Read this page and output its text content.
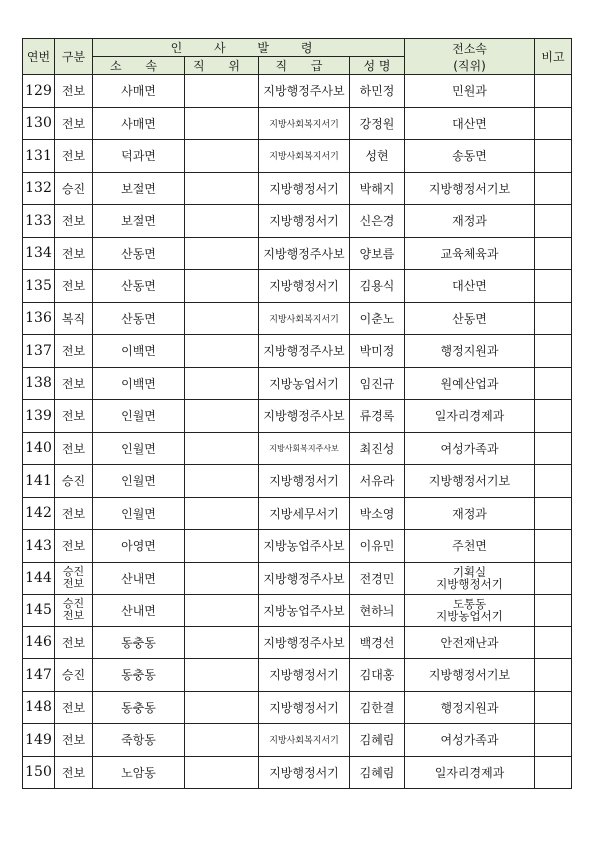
연번	구분	인 사 발 령				전소속
(직위)	비고
		소 속	직 위	직 급	성 명		
129	전보	사매면		지방행정주사보	하민정	민원과	

130	전보	사매면		지방사회복지서기	강정원	대산면	

131	전보	덕과면		지방사회복지서기	성현	송동면	

132	승진	보절면		지방행정서기	박해지	지방행정서기보	

133	전보	보절면		지방행정서기	신은경	재정과	

134	전보	산동면		지방행정주사보	양보름	교육체육과	

135	전보	산동면		지방행정서기	김용식	대산면	

136	복직	산동면		지방사회복지서기	이춘노	산동면	

137	전보	이백면		지방행정주사보	박미정	행정지원과	

138	전보	이백면		지방농업서기	임진규	원예산업과	

139	전보	인월면		지방행정주사보	류경록	일자리경제과	

140	전보	인월면		지방사회복지주사보	최진성	여성가족과	

141	승진	인월면		지방행정서기	서유라	지방행정서기보	

142	전보	인월면		지방세무서기	박소영	재정과	

143	전보	아영면		지방농업주사보	이유민	주천면	

144	승진
전보	산내면		지방행정주사보	전경민	기획실
지방행정서기	

145	승진
전보	산내면		지방농업주사보	현하늬	도통동
지방농업서기	

146	전보	동충동		지방행정주사보	백경선	안전재난과	

147	승진	동충동		지방행정서기	김대홍	지방행정서기보	

148	전보	동충동		지방행정서기	김한결	행정지원과	

149	전보	죽항동		지방사회복지서기	김혜림	여성가족과	

150	전보	노암동		지방행정서기	김혜림	일자리경제과	
